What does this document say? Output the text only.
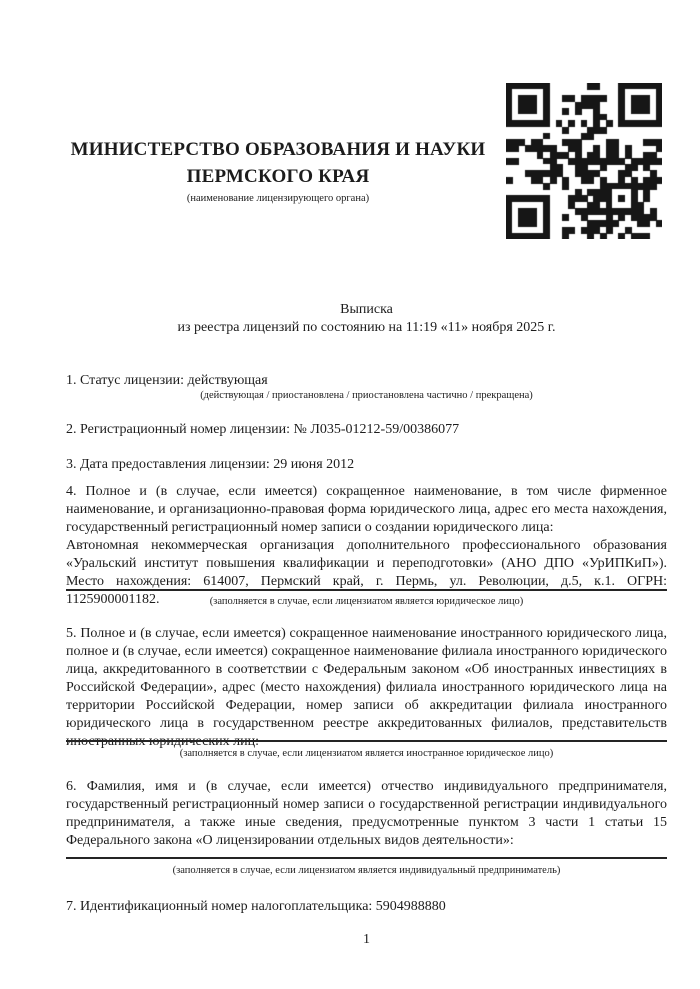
МИНИСТЕРСТВО ОБРАЗОВАНИЯ И НАУКИ
ПЕРМСКОГО КРАЯ
(наименование лицензирующего органа)
Выписка
из реестра лицензий по состоянию на 11:19 «11» ноября 2025 г.
1. Статус лицензии: действующая
(действующая / приостановлена / приостановлена частично / прекращена)
2. Регистрационный номер лицензии: № Л035-01212-59/00386077
3. Дата предоставления лицензии: 29 июня 2012

4. Полное и (в случае, если имеется) сокращенное наименование, в том числе фирменное наименование, и организационно-правовая форма юридического лица, адрес его места нахождения, государственный регистрационный номер записи о создании юридического лица:

Автономная некоммерческая организация дополнительного профессионального образования «Уральский институт повышения квалификации и переподготовки» (АНО ДПО «УрИПКиП»). Место нахождения: 614007, Пермский край, г. Пермь, ул. Революции, д.5, к.1. ОГРН: 1125900001182.	(заполняется в случае, если лицензиатом является юридическое лицо)
5. Полное и (в случае, если имеется) сокращенное наименование иностранного юридического лица, полное и (в случае, если имеется) сокращенное наименование филиала иностранного юридического лица, аккредитованного в соответствии с Федеральным законом «Об иностранных инвестициях в Российской Федерации», адрес (место нахождения) филиала иностранного юридического лица на территории Российской Федерации, номер записи об аккредитации филиала иностранного юридического лица в государственном реестре аккредитованных филиалов, представительств иностранных юридических лиц:
(заполняется в случае, если лицензиатом является иностранное юридическое лицо)
6. Фамилия, имя и (в случае, если имеется) отчество индивидуального предпринимателя, государственный регистрационный номер записи о государственной регистрации индивидуального предпринимателя, а также иные сведения, предусмотренные пунктом 3 части 1 статьи 15 Федерального закона «О лицензировании отдельных видов деятельности»:
(заполняется в случае, если лицензиатом является индивидуальный предприниматель)
7. Идентификационный номер налогоплательщика: 5904988880
1
